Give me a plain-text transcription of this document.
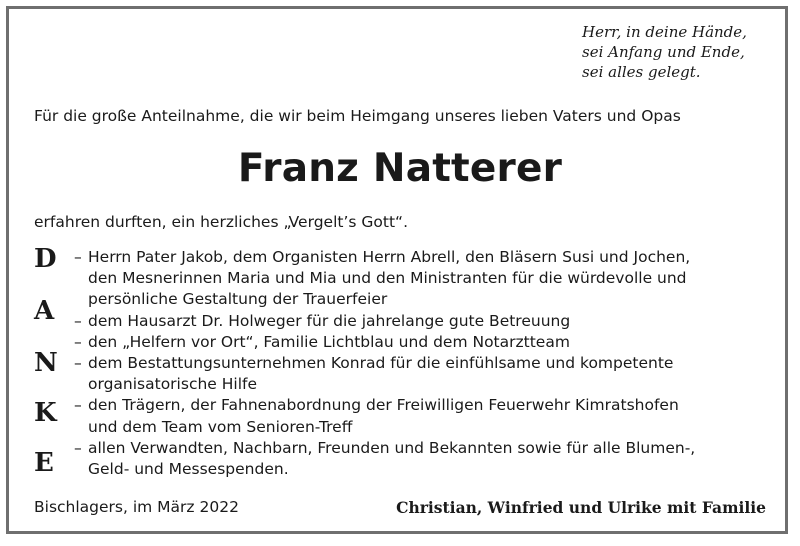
Herr, in deine Hände,
sei Anfang und Ende,
sei alles gelegt.
Für die große Anteilnahme, die wir beim Heimgang unseres lieben Vaters und Opas
Franz Natterer
erfahren durften, ein herzliches „Vergelt’s Gott“.
D
A
N
K
E
– Herrn Pater Jakob, dem Organisten Herrn Abrell, den Bläsern Susi und Jochen,
den Mesnerinnen Maria und Mia und den Ministranten für die würdevolle und
persönliche Gestaltung der Trauerfeier
– dem Hausarzt Dr. Holweger für die jahrelange gute Betreuung
– den „Helfern vor Ort“, Familie Lichtblau und dem Notarztteam
– dem Bestattungsunternehmen Konrad für die einfühlsame und kompetente
organisatorische Hilfe
– den Trägern, der Fahnenabordnung der Freiwilligen Feuerwehr Kimratshofen
und dem Team vom Senioren-Treff
– allen Verwandten, Nachbarn, Freunden und Bekannten sowie für alle Blumen-,
Geld- und Messespenden.
Bischlagers, im März 2022	Christian, Winfried und Ulrike mit Familie
